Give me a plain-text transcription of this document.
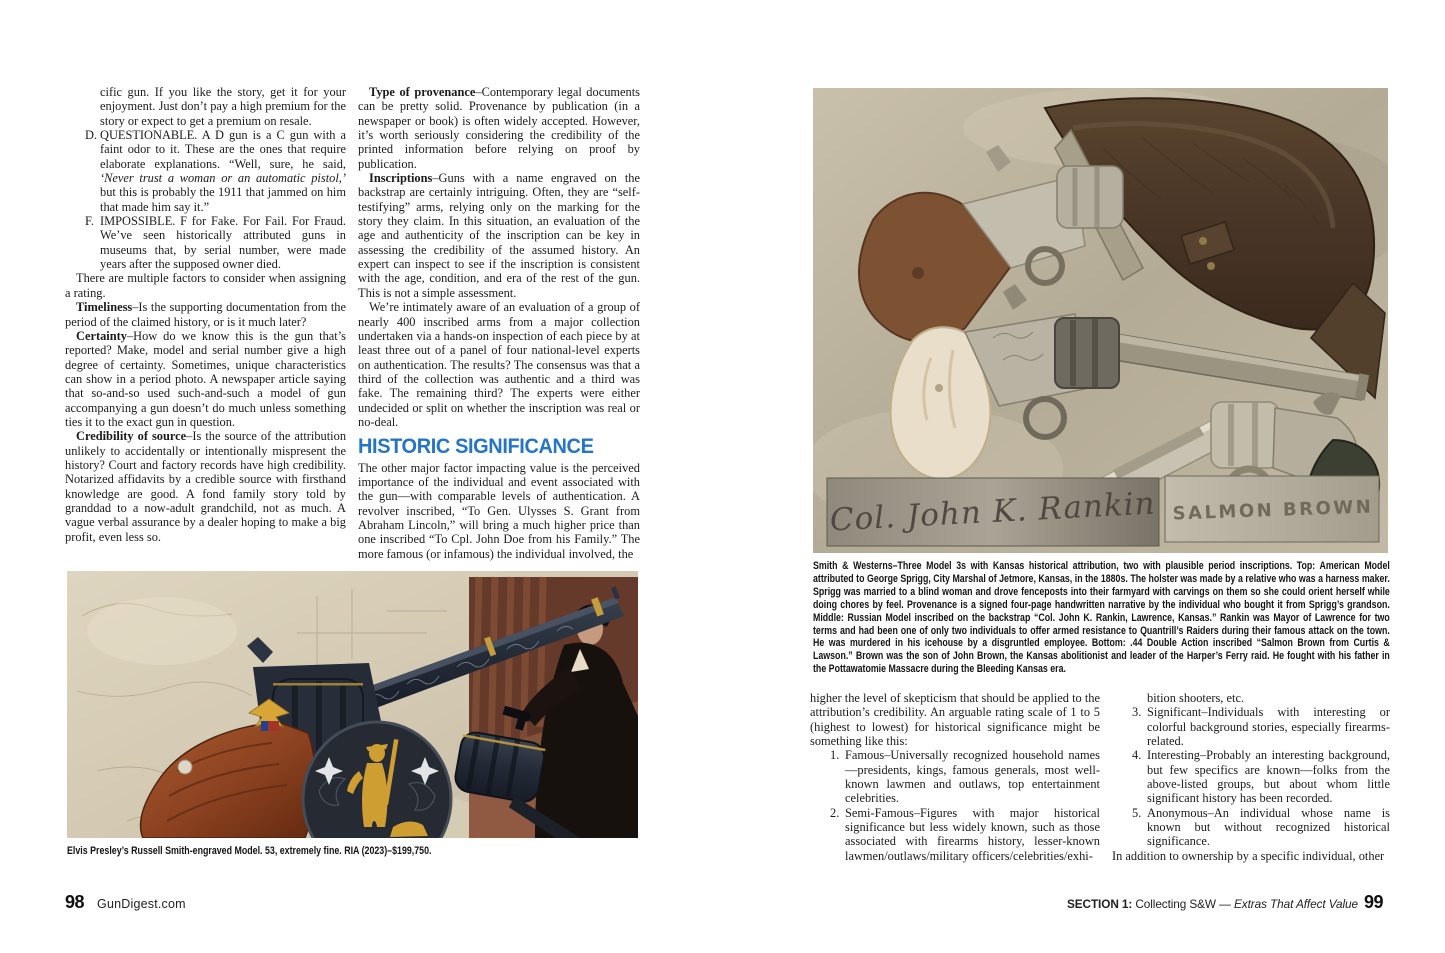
cific gun. If you like the story, get it for your enjoyment. Just don’t pay a high premium for the story or expect to get a premium on resale.
D. QUESTIONABLE. A D gun is a C gun with a faint odor to it. These are the ones that require elaborate explanations. “Well, sure, he said, ‘Never trust a woman or an automatic pistol,’ but this is probably the 1911 that jammed on him that made him say it.”
F. IMPOSSIBLE. F for Fake. For Fail. For Fraud. We’ve seen historically attributed guns in museums that, by serial number, were made years after the supposed owner died.
There are multiple factors to consider when assigning a rating.
Timeliness–Is the supporting documentation from the period of the claimed history, or is it much later?
Certainty–How do we know this is the gun that’s reported? Make, model and serial number give a high degree of certainty. Sometimes, unique characteristics can show in a period photo. A newspaper article saying that so-and-so used such-and-such a model of gun accompanying a gun doesn’t do much unless something ties it to the exact gun in question.
Credibility of source–Is the source of the attribution unlikely to accidentally or intentionally mispresent the history? Court and factory records have high credibility. Notarized affidavits by a credible source with firsthand knowledge are good. A fond family story told by granddad to a now-adult grandchild, not as much. A vague verbal assurance by a dealer hoping to make a big profit, even less so.
Type of provenance–Contemporary legal documents can be pretty solid. Provenance by publication (in a newspaper or book) is often widely accepted. However, it’s worth seriously considering the credibility of the printed information before relying on proof by publication.
Inscriptions–Guns with a name engraved on the backstrap are certainly intriguing. Often, they are “self-testifying” arms, relying only on the marking for the story they claim. In this situation, an evaluation of the age and authenticity of the inscription can be key in assessing the credibility of the assumed history. An expert can inspect to see if the inscription is consistent with the age, condition, and era of the rest of the gun. This is not a simple assessment.
We’re intimately aware of an evaluation of a group of nearly 400 inscribed arms from a major collection undertaken via a hands-on inspection of each piece by at least three out of a panel of four national-level experts on authentication. The results? The consensus was that a third of the collection was authentic and a third was fake. The remaining third? The experts were either undecided or split on whether the inscription was real or no-deal.
HISTORIC SIGNIFICANCE
The other major factor impacting value is the perceived importance of the individual and event associated with the gun—with comparable levels of authentication. A revolver inscribed, “To Gen. Ulysses S. Grant from Abraham Lincoln,” will bring a much higher price than one inscribed “To Cpl. John Doe from his Family.” The more famous (or infamous) the individual involved, the
Elvis Presley’s Russell Smith-engraved Model. 53, extremely fine. RIA (2023)–$199,750.
Col. John K. Rankin SALMON BROWN
Smith & Westerns–Three Model 3s with Kansas historical attribution, two with plausible period inscriptions. Top: American Model attributed to George Sprigg, City Marshal of Jetmore, Kansas, in the 1880s. The holster was made by a relative who was a harness maker. Sprigg was married to a blind woman and drove fenceposts into their farmyard with carvings on them so she could orient herself while doing chores by feel. Provenance is a signed four-page handwritten narrative by the individual who bought it from Sprigg’s grandson. Middle: Russian Model inscribed on the backstrap “Col. John K. Rankin, Lawrence, Kansas.” Rankin was Mayor of Lawrence for two terms and had been one of only two individuals to offer armed resistance to Quantrill’s Raiders during their famous attack on the town. He was murdered in his icehouse by a disgruntled employee. Bottom: .44 Double Action inscribed “Salmon Brown from Curtis & Lawson.” Brown was the son of John Brown, the Kansas abolitionist and leader of the Harper’s Ferry raid. He fought with his father in the Pottawatomie Massacre during the Bleeding Kansas era.
higher the level of skepticism that should be applied to the attribution’s credibility. An arguable rating scale of 1 to 5 (highest to lowest) for historical significance might be something like this:
1. Famous–Universally recognized household names—presidents, kings, famous generals, most well-known lawmen and outlaws, top entertainment celebrities.
2. Semi-Famous–Figures with major historical significance but less widely known, such as those associated with firearms history, lesser-known lawmen/outlaws/military officers/celebrities/exhi-
bition shooters, etc.
3. Significant–Individuals with interesting or colorful background stories, especially firearms-related.
4. Interesting–Probably an interesting background, but few specifics are known—folks from the above-listed groups, but about whom little significant history has been recorded.
5. Anonymous–An individual whose name is known but without recognized historical significance.
In addition to ownership by a specific individual, other
98 GunDigest.com	SECTION 1: Collecting S&W — Extras That Affect Value 99
